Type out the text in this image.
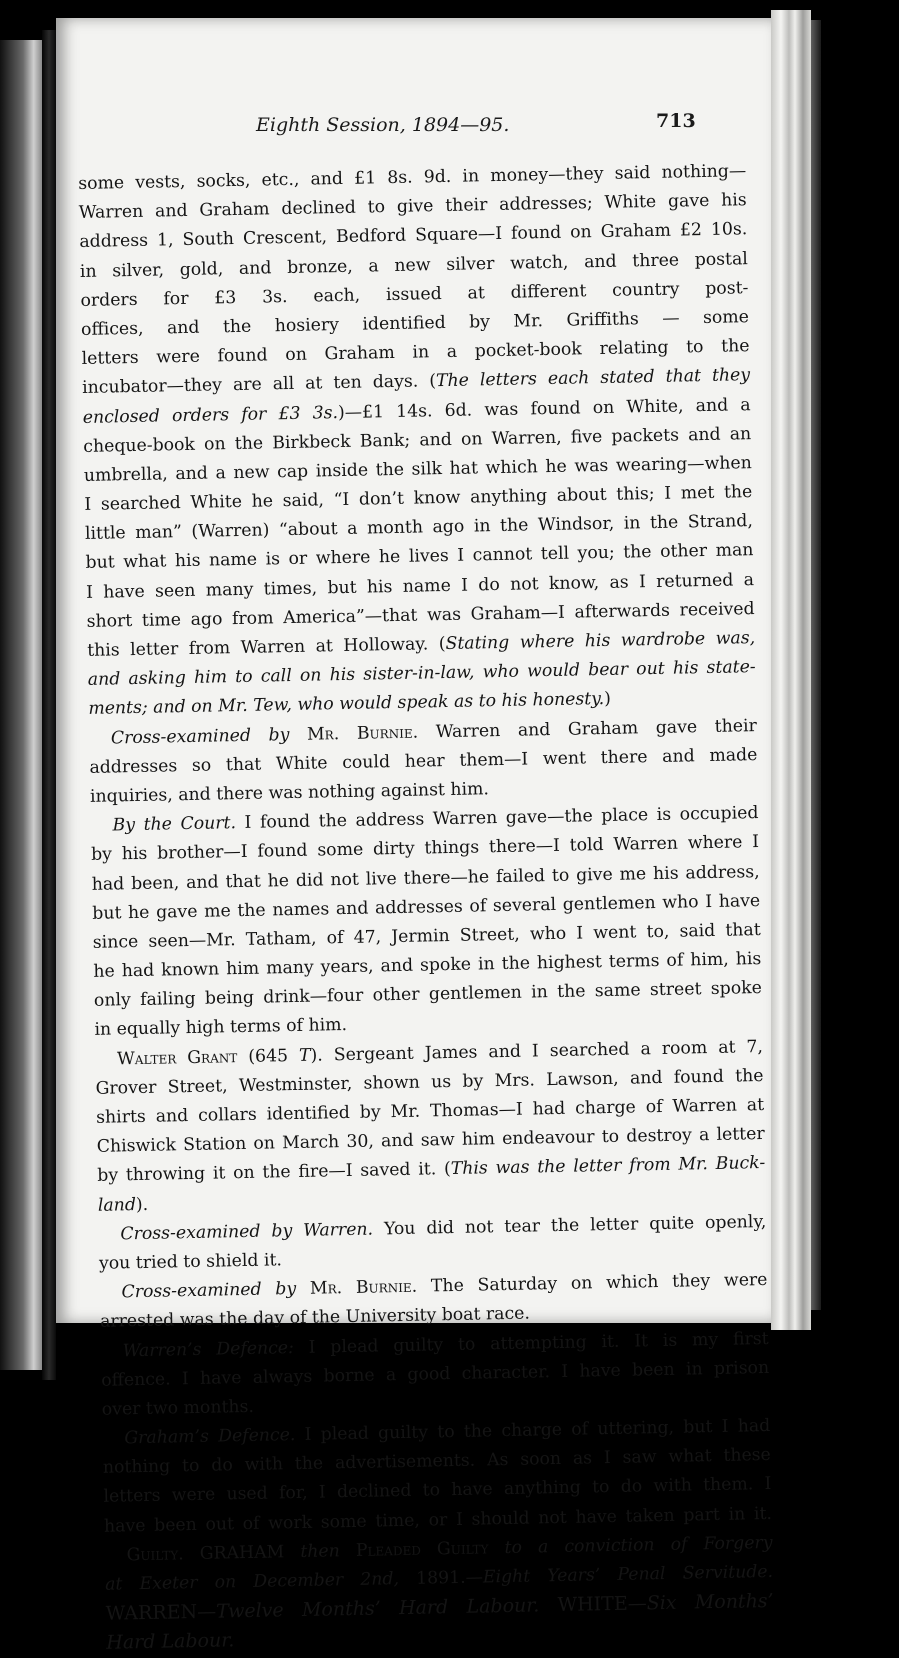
Eighth Session, 1894—95.	713
some vests, socks, etc., and £1 8s. 9d. in money—they said nothing—
Warren and Graham declined to give their addresses; White gave his
address 1, South Crescent, Bedford Square—I found on Graham £2 10s.
in silver, gold, and bronze, a new silver watch, and three postal
orders for £3 3s. each, issued at different country post-
offices, and the hosiery identified by Mr. Griffiths — some
letters were found on Graham in a pocket-book relating to the
incubator—they are all at ten days. (The letters each stated that they
enclosed orders for £3 3s.)—£1 14s. 6d. was found on White, and a
cheque-book on the Birkbeck Bank; and on Warren, five packets and an
umbrella, and a new cap inside the silk hat which he was wearing—when
I searched White he said, “I don’t know anything about this; I met the
little man” (Warren) “about a month ago in the Windsor, in the Strand,
but what his name is or where he lives I cannot tell you; the other man
I have seen many times, but his name I do not know, as I returned a
short time ago from America”—that was Graham—I afterwards received
this letter from Warren at Holloway. (Stating where his wardrobe was,
and asking him to call on his sister-in-law, who would bear out his state-
ments; and on Mr. Tew, who would speak as to his honesty.)
Cross-examined by Mr. Burnie. Warren and Graham gave their
addresses so that White could hear them—I went there and made
inquiries, and there was nothing against him.
By the Court. I found the address Warren gave—the place is occupied
by his brother—I found some dirty things there—I told Warren where I
had been, and that he did not live there—he failed to give me his address,
but he gave me the names and addresses of several gentlemen who I have
since seen—Mr. Tatham, of 47, Jermin Street, who I went to, said that
he had known him many years, and spoke in the highest terms of him, his
only failing being drink—four other gentlemen in the same street spoke
in equally high terms of him.
Walter Grant (645 T). Sergeant James and I searched a room at 7,
Grover Street, Westminster, shown us by Mrs. Lawson, and found the
shirts and collars identified by Mr. Thomas—I had charge of Warren at
Chiswick Station on March 30, and saw him endeavour to destroy a letter
by throwing it on the fire—I saved it. (This was the letter from Mr. Buck-
land).
Cross-examined by Warren. You did not tear the letter quite openly,
you tried to shield it.
Cross-examined by Mr. Burnie. The Saturday on which they were
arrested was the day of the University boat race.
Warren’s Defence: I plead guilty to attempting it. It is my first
offence. I have always borne a good character. I have been in prison
over two months.
Graham’s Defence. I plead guilty to the charge of uttering, but I had
nothing to do with the advertisements. As soon as I saw what these
letters were used for, I declined to have anything to do with them. I
have been out of work some time, or I should not have taken part in it.
Guilty. GRAHAM then Pleaded Guilty to a conviction of Forgery
at Exeter on December 2nd, 1891.—Eight Years’ Penal Servitude.
WARREN—Twelve Months’ Hard Labour. WHITE—Six Months’
Hard Labour.
